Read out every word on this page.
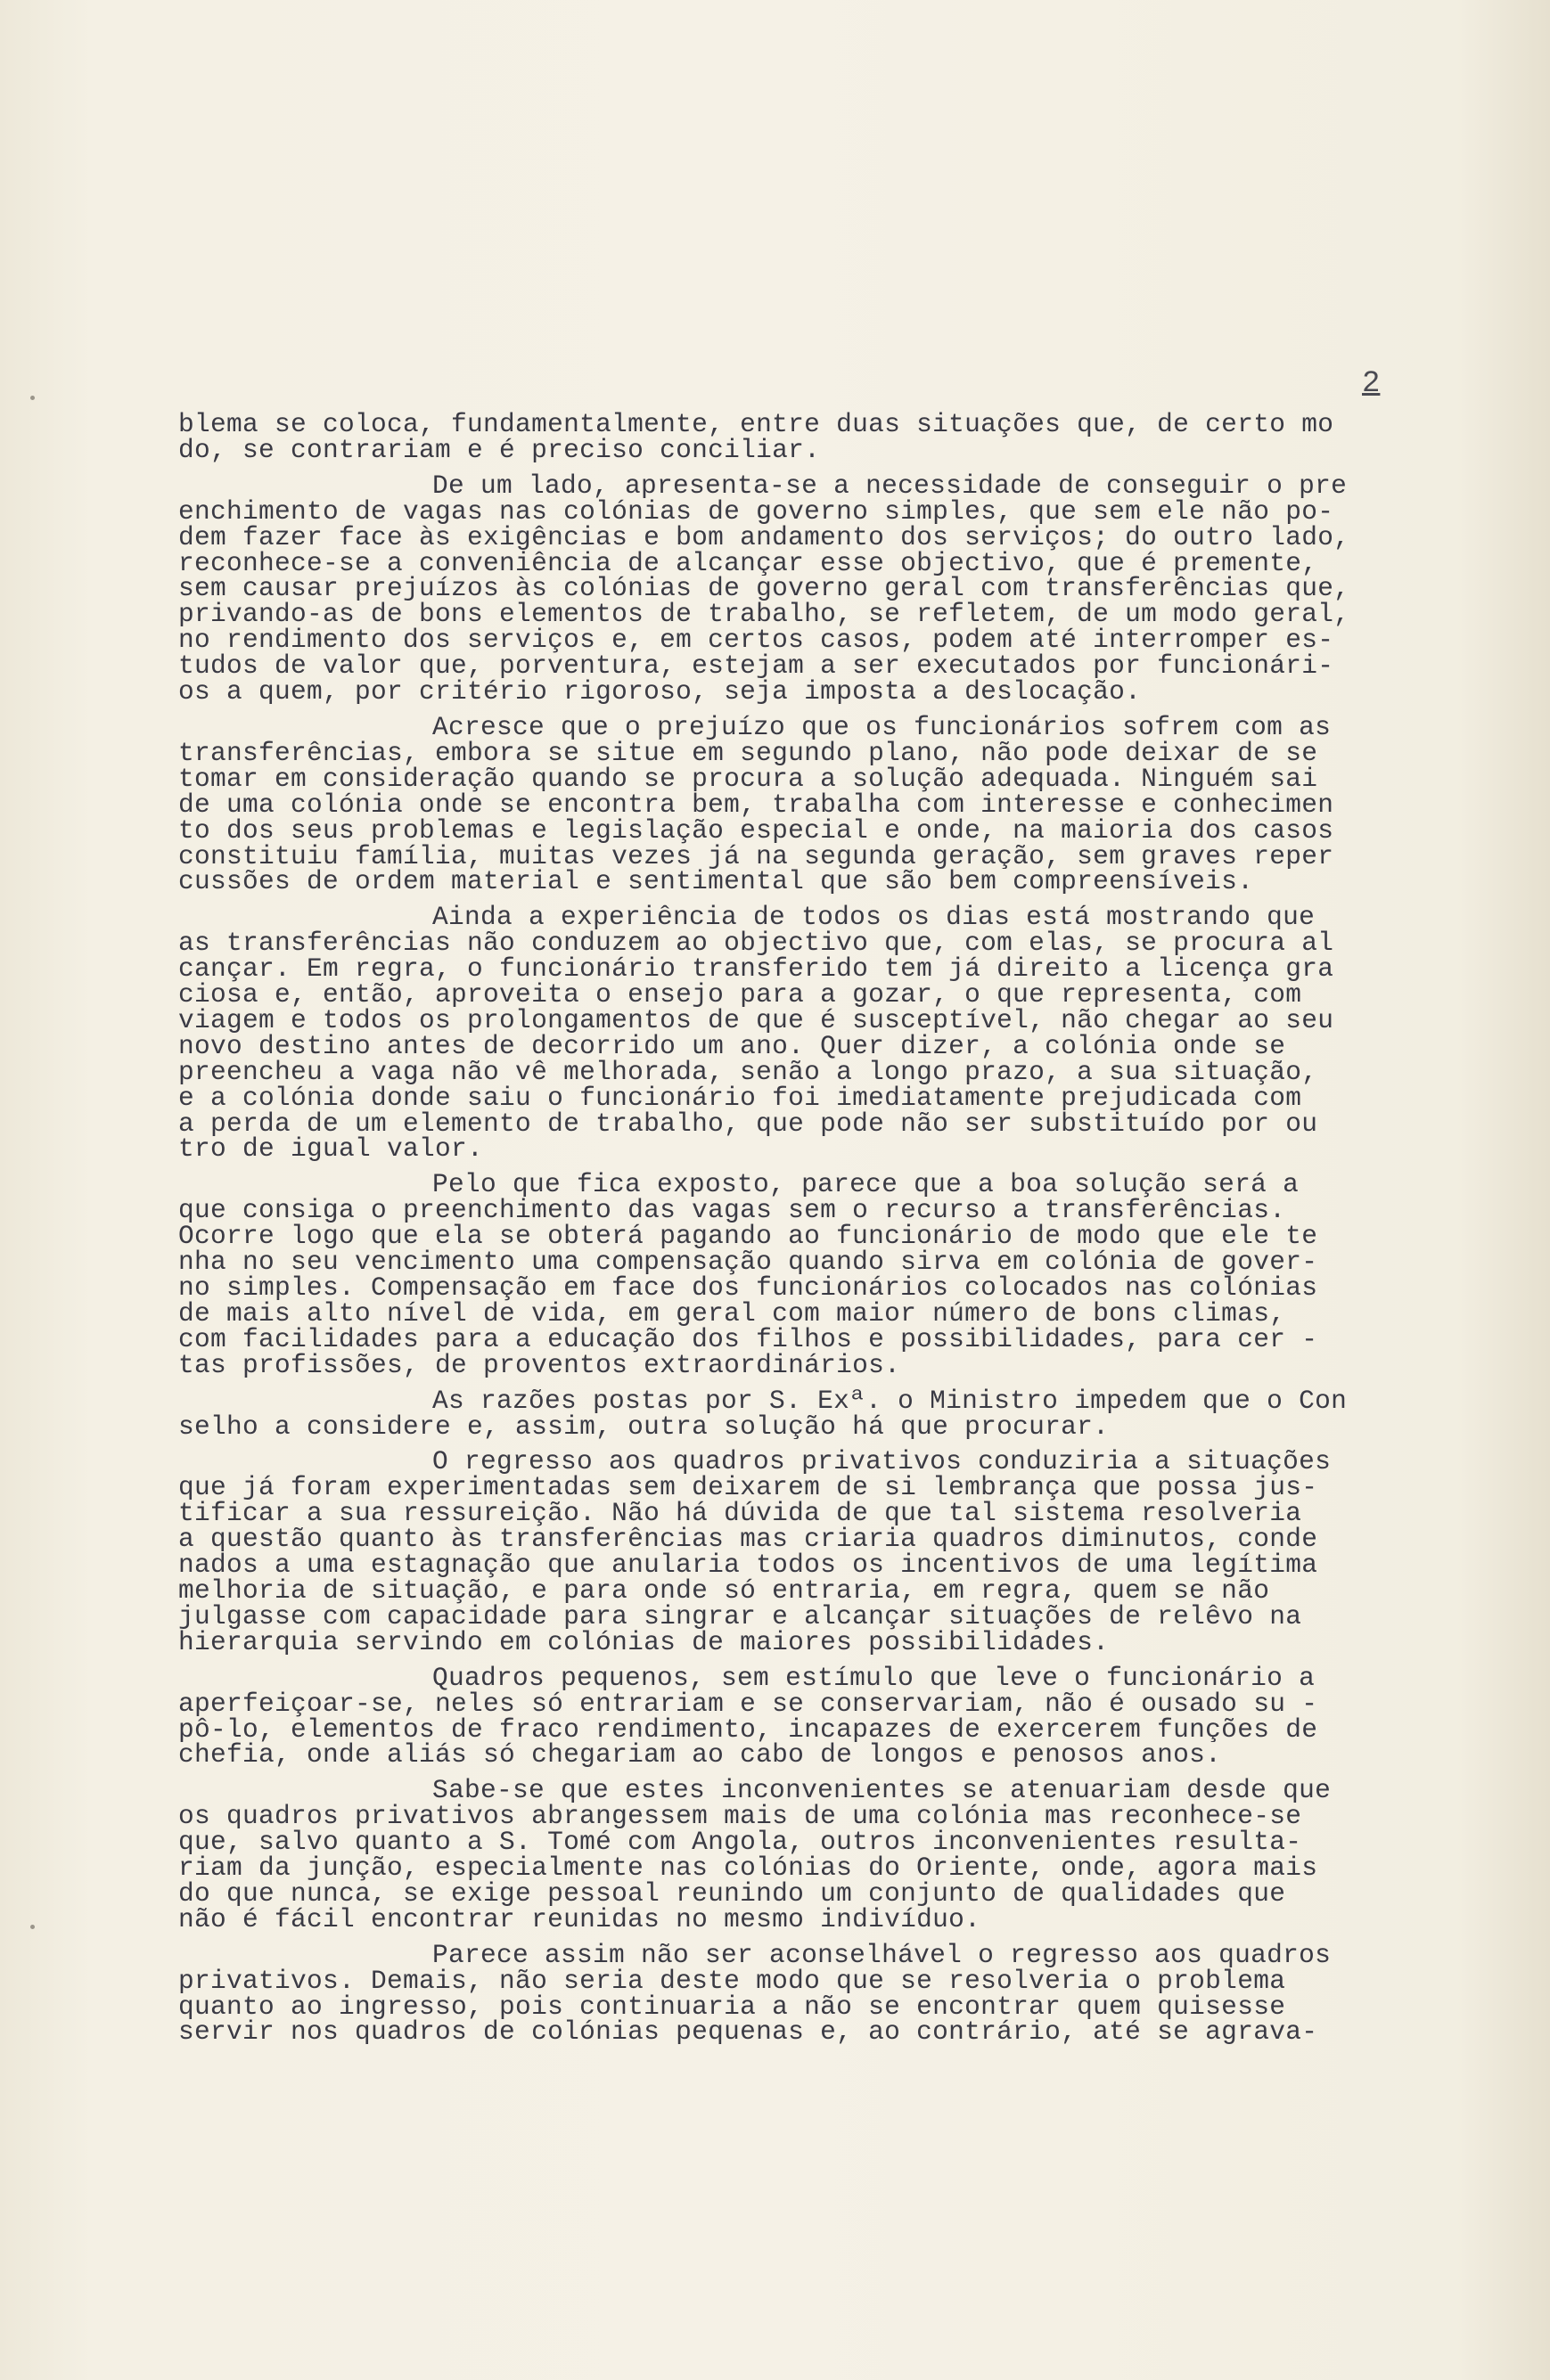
2
blema se coloca, fundamentalmente, entre duas situações que, de certo mo
do, se contrariam e é preciso conciliar.
De um lado, apresenta-se a necessidade de conseguir o pre
enchimento de vagas nas colónias de governo simples, que sem ele não po-
dem fazer face às exigências e bom andamento dos serviços; do outro lado,
reconhece-se a conveniência de alcançar esse objectivo, que é premente,
sem causar prejuízos às colónias de governo geral com transferências que,
privando-as de bons elementos de trabalho, se refletem, de um modo geral,
no rendimento dos serviços e, em certos casos, podem até interromper es-
tudos de valor que, porventura, estejam a ser executados por funcionári-
os a quem, por critério rigoroso, seja imposta a deslocação.
Acresce que o prejuízo que os funcionários sofrem com as
transferências, embora se situe em segundo plano, não pode deixar de se
tomar em consideração quando se procura a solução adequada. Ninguém sai
de uma colónia onde se encontra bem, trabalha com interesse e conhecimen
to dos seus problemas e legislação especial e onde, na maioria dos casos
constituiu família, muitas vezes já na segunda geração, sem graves reper
cussões de ordem material e sentimental que são bem compreensíveis.
Ainda a experiência de todos os dias está mostrando que
as transferências não conduzem ao objectivo que, com elas, se procura al
cançar. Em regra, o funcionário transferido tem já direito a licença gra
ciosa e, então, aproveita o ensejo para a gozar, o que representa, com
viagem e todos os prolongamentos de que é susceptível, não chegar ao seu
novo destino antes de decorrido um ano. Quer dizer, a colónia onde se
preencheu a vaga não vê melhorada, senão a longo prazo, a sua situação,
e a colónia donde saiu o funcionário foi imediatamente prejudicada com
a perda de um elemento de trabalho, que pode não ser substituído por ou
tro de igual valor.
Pelo que fica exposto, parece que a boa solução será a
que consiga o preenchimento das vagas sem o recurso a transferências.
Ocorre logo que ela se obterá pagando ao funcionário de modo que ele te
nha no seu vencimento uma compensação quando sirva em colónia de gover-
no simples. Compensação em face dos funcionários colocados nas colónias
de mais alto nível de vida, em geral com maior número de bons climas,
com facilidades para a educação dos filhos e possibilidades, para cer -
tas profissões, de proventos extraordinários.
As razões postas por S. Exª. o Ministro impedem que o Con
selho a considere e, assim, outra solução há que procurar.
O regresso aos quadros privativos conduziria a situações
que já foram experimentadas sem deixarem de si lembrança que possa jus-
tificar a sua ressureição. Não há dúvida de que tal sistema resolveria
a questão quanto às transferências mas criaria quadros diminutos, conde
nados a uma estagnação que anularia todos os incentivos de uma legítima
melhoria de situação, e para onde só entraria, em regra, quem se não
julgasse com capacidade para singrar e alcançar situações de relêvo na
hierarquia servindo em colónias de maiores possibilidades.
Quadros pequenos, sem estímulo que leve o funcionário a
aperfeiçoar-se, neles só entrariam e se conservariam, não é ousado su -
pô-lo, elementos de fraco rendimento, incapazes de exercerem funções de
chefia, onde aliás só chegariam ao cabo de longos e penosos anos.
Sabe-se que estes inconvenientes se atenuariam desde que
os quadros privativos abrangessem mais de uma colónia mas reconhece-se
que, salvo quanto a S. Tomé com Angola, outros inconvenientes resulta-
riam da junção, especialmente nas colónias do Oriente, onde, agora mais
do que nunca, se exige pessoal reunindo um conjunto de qualidades que
não é fácil encontrar reunidas no mesmo indivíduo.
Parece assim não ser aconselhável o regresso aos quadros
privativos. Demais, não seria deste modo que se resolveria o problema
quanto ao ingresso, pois continuaria a não se encontrar quem quisesse
servir nos quadros de colónias pequenas e, ao contrário, até se agrava-
